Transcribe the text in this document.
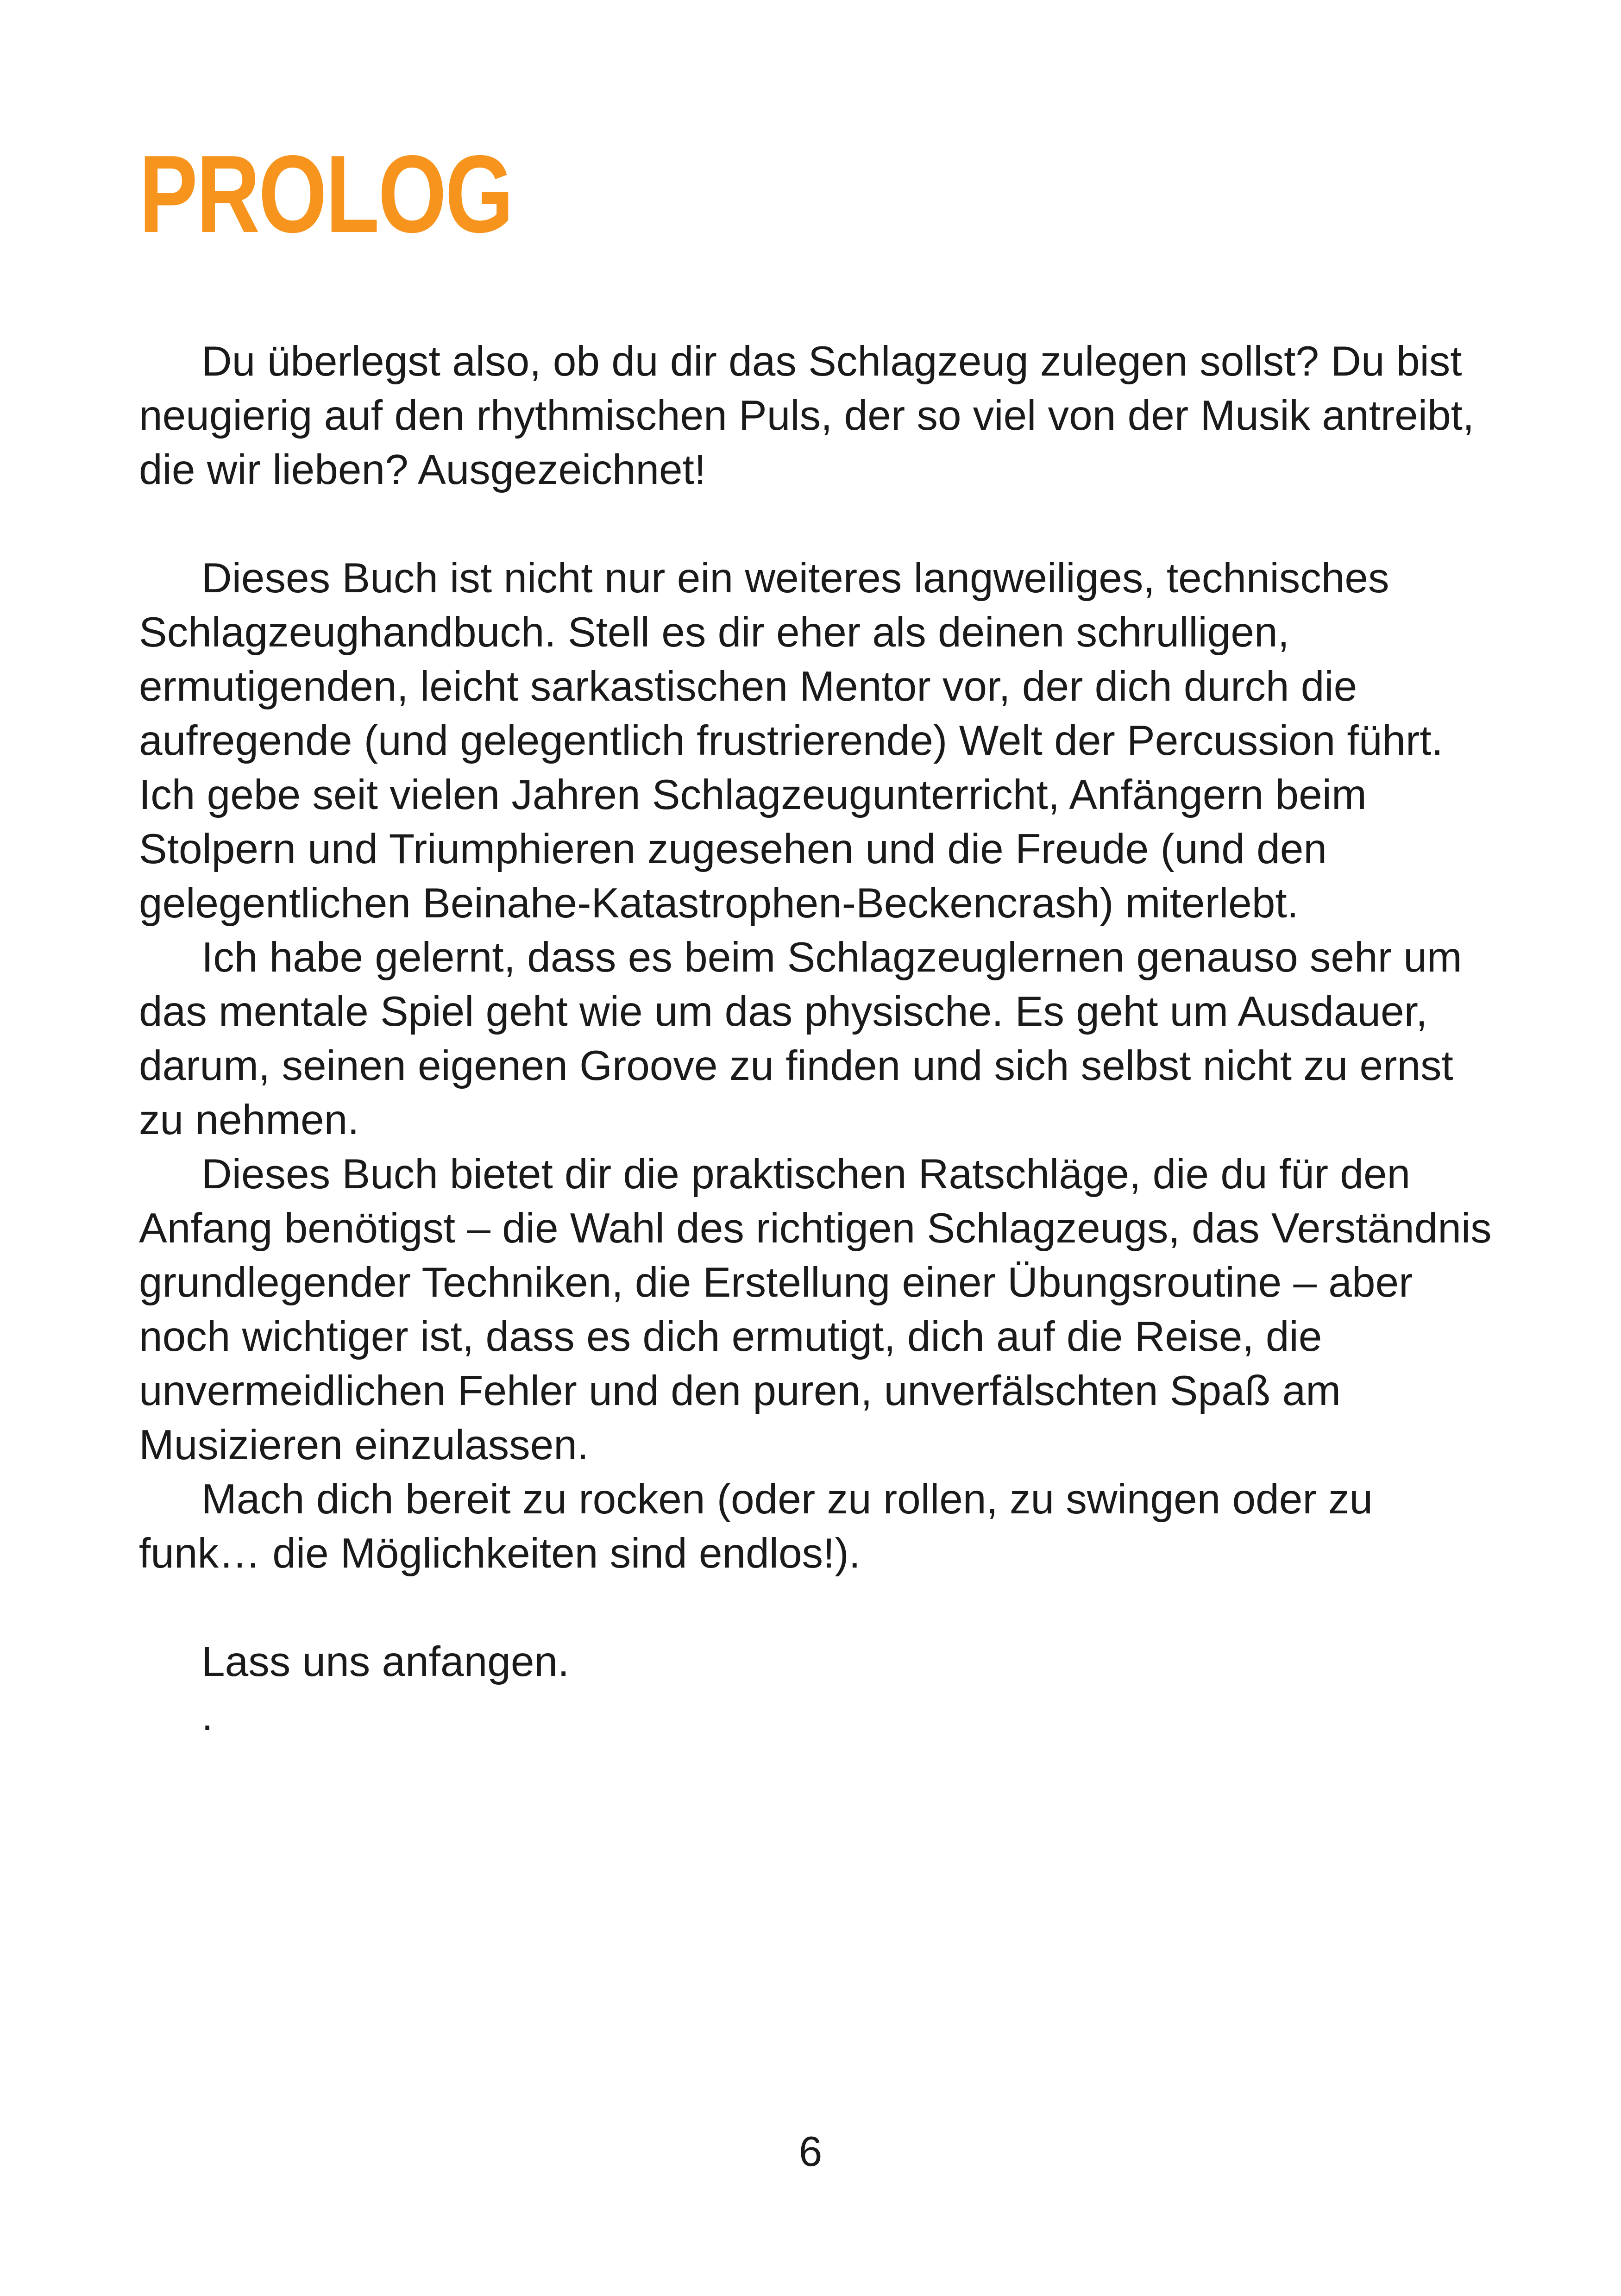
PROLOG

Du überlegst also, ob du dir das Schlagzeug zulegen sollst? Du bist neugierig auf den rhythmischen Puls, der so viel von der Musik antreibt, die wir lieben? Ausgezeichnet!

Dieses Buch ist nicht nur ein weiteres langweiliges, technisches Schlagzeughandbuch. Stell es dir eher als deinen schrulligen, ermutigenden, leicht sarkastischen Mentor vor, der dich durch die aufregende (und gelegentlich frustrierende) Welt der Percussion führt. Ich gebe seit vielen Jahren Schlagzeugunterricht, Anfängern beim Stolpern und Triumphieren zugesehen und die Freude (und den gelegentlichen Beinahe-Katastrophen-Beckencrash) miterlebt.

Ich habe gelernt, dass es beim Schlagzeuglernen genauso sehr um das mentale Spiel geht wie um das physische. Es geht um Ausdauer, darum, seinen eigenen Groove zu finden und sich selbst nicht zu ernst zu nehmen.

Dieses Buch bietet dir die praktischen Ratschläge, die du für den Anfang benötigst – die Wahl des richtigen Schlagzeugs, das Verständnis grundlegender Techniken, die Erstellung einer Übungsroutine – aber noch wichtiger ist, dass es dich ermutigt, dich auf die Reise, die unvermeidlichen Fehler und den puren, unverfälschten Spaß am Musizieren einzulassen.

Mach dich bereit zu rocken (oder zu rollen, zu swingen oder zu funk… die Möglichkeiten sind endlos!).

Lass uns anfangen.

.

6
